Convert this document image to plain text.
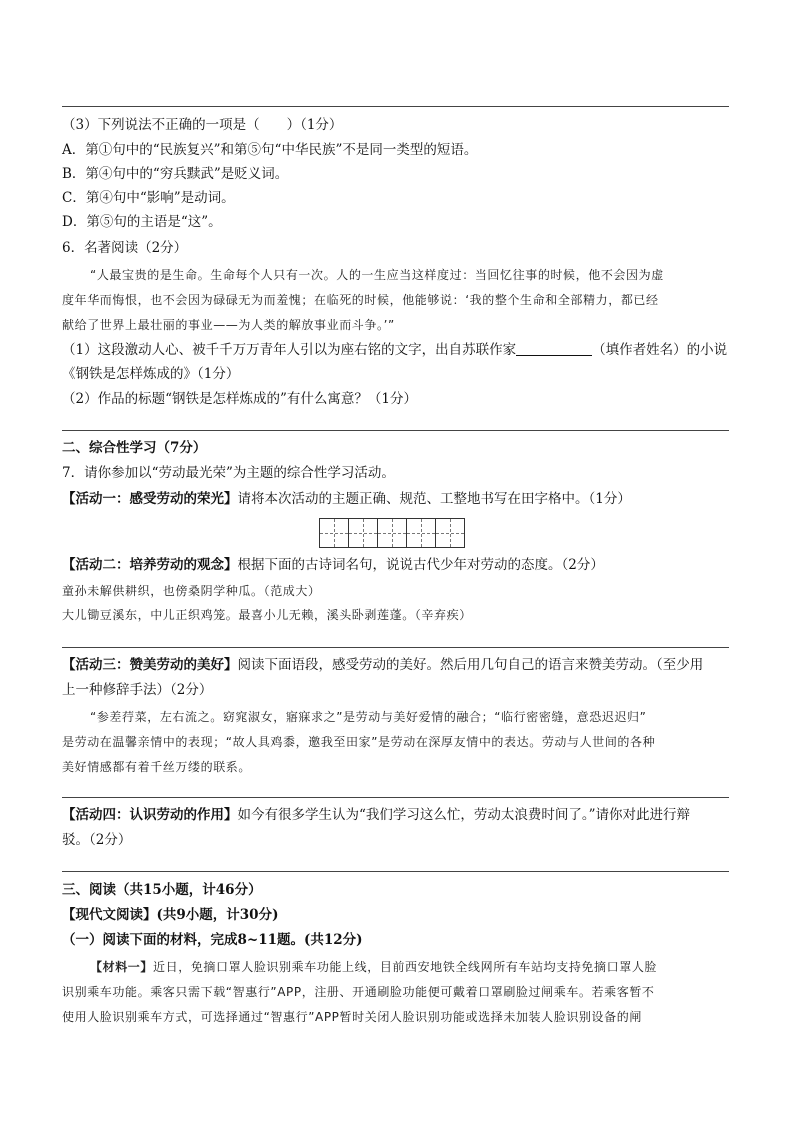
（3）下列说法不正确的一项是（　　）（1分）
A．第①句中的“民族复兴”和第⑤句“中华民族”不是同一类型的短语。
B．第④句中的“穷兵黩武”是贬义词。
C．第④句中“影响”是动词。
D．第⑤句的主语是“这”。
6．名著阅读（2分）
“人最宝贵的是生命。生命每个人只有一次。人的一生应当这样度过：当回忆往事的时候，他不会因为虚
度年华而悔恨，也不会因为碌碌无为而羞愧；在临死的时候，他能够说：‘我的整个生命和全部精力，都已经
献给了世界上最壮丽的事业——为人类的解放事业而斗争。’”
（1）这段激动人心、被千千万万青年人引以为座右铭的文字，出自苏联作家	（填作者姓名）的小说
《钢铁是怎样炼成的》（1分）
（2）作品的标题“钢铁是怎样炼成的”有什么寓意？（1分）
二、综合性学习（7分）
7．请你参加以“劳动最光荣”为主题的综合性学习活动。
【活动一：感受劳动的荣光】请将本次活动的主题正确、规范、工整地书写在田字格中。（1分）
【活动二：培养劳动的观念】根据下面的古诗词名句，说说古代少年对劳动的态度。（2分）
童孙未解供耕织，也傍桑阴学种瓜。（范成大）
大儿锄豆溪东，中儿正织鸡笼。最喜小儿无赖，溪头卧剥莲蓬。（辛弃疾）
【活动三：赞美劳动的美好】阅读下面语段，感受劳动的美好。然后用几句自己的语言来赞美劳动。（至少用
上一种修辞手法）（2分）
“参差荇菜，左右流之。窈窕淑女，寤寐求之”是劳动与美好爱情的融合；“临行密密缝，意恐迟迟归”
是劳动在温馨亲情中的表现；“故人具鸡黍，邀我至田家”是劳动在深厚友情中的表达。劳动与人世间的各种
美好情感都有着千丝万缕的联系。
【活动四：认识劳动的作用】如今有很多学生认为“我们学习这么忙，劳动太浪费时间了。”请你对此进行辩
驳。（2分）
三、阅读（共15小题，计46分）
【现代文阅读】(共9小题，计30分)
（一）阅读下面的材料，完成8~11题。(共12分)
【材料一】近日，免摘口罩人脸识别乘车功能上线，目前西安地铁全线网所有车站均支持免摘口罩人脸
识别乘车功能。乘客只需下载“智惠行”APP，注册、开通刷脸功能便可戴着口罩刷脸过闸乘车。若乘客暂不
使用人脸识别乘车方式，可选择通过“智惠行”APP暂时关闭人脸识别功能或选择未加装人脸识别设备的闸
